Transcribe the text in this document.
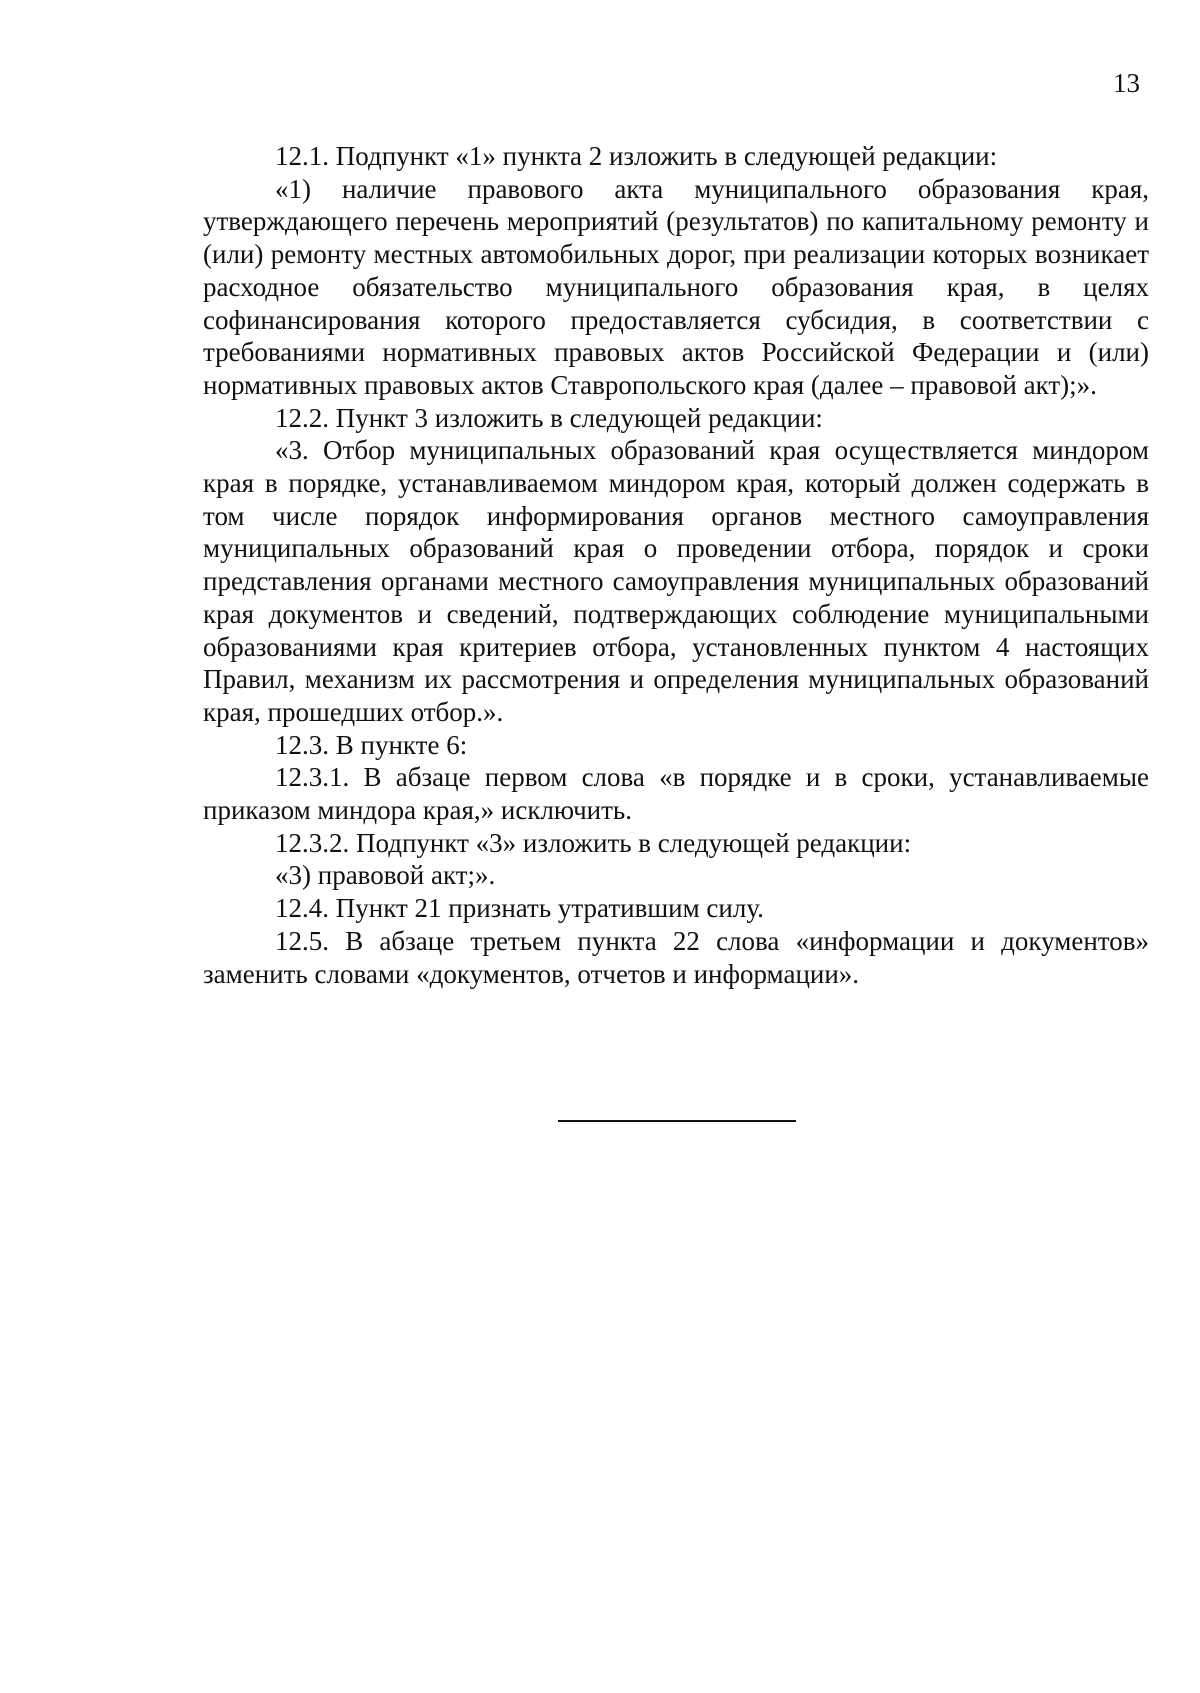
13

12.1. Подпункт «1» пункта 2 изложить в следующей редакции:

«1) наличие правового акта муниципального образования края, утверждающего перечень мероприятий (результатов) по капитальному ремонту и (или) ремонту местных автомобильных дорог, при реализации которых возникает расходное обязательство муниципального образования края, в целях софинансирования которого предоставляется субсидия, в соответствии с требованиями нормативных правовых актов Российской Федерации и (или) нормативных правовых актов Ставропольского края (далее – правовой акт);».

12.2. Пункт 3 изложить в следующей редакции:

«3. Отбор муниципальных образований края осуществляется миндором края в порядке, устанавливаемом миндором края, который должен содержать в том числе порядок информирования органов местного самоуправления муниципальных образований края о проведении отбора, порядок и сроки представления органами местного самоуправления муниципальных образований края документов и сведений, подтверждающих соблюдение муниципальными образованиями края критериев отбора, установленных пунктом 4 настоящих Правил, механизм их рассмотрения и определения муниципальных образований края, прошедших отбор.».

12.3. В пункте 6:

12.3.1. В абзаце первом слова «в порядке и в сроки, устанавливаемые приказом миндора края,» исключить.

12.3.2. Подпункт «3» изложить в следующей редакции:

«3) правовой акт;».

12.4. Пункт 21 признать утратившим силу.

12.5. В абзаце третьем пункта 22 слова «информации и документов» заменить словами «документов, отчетов и информации».
